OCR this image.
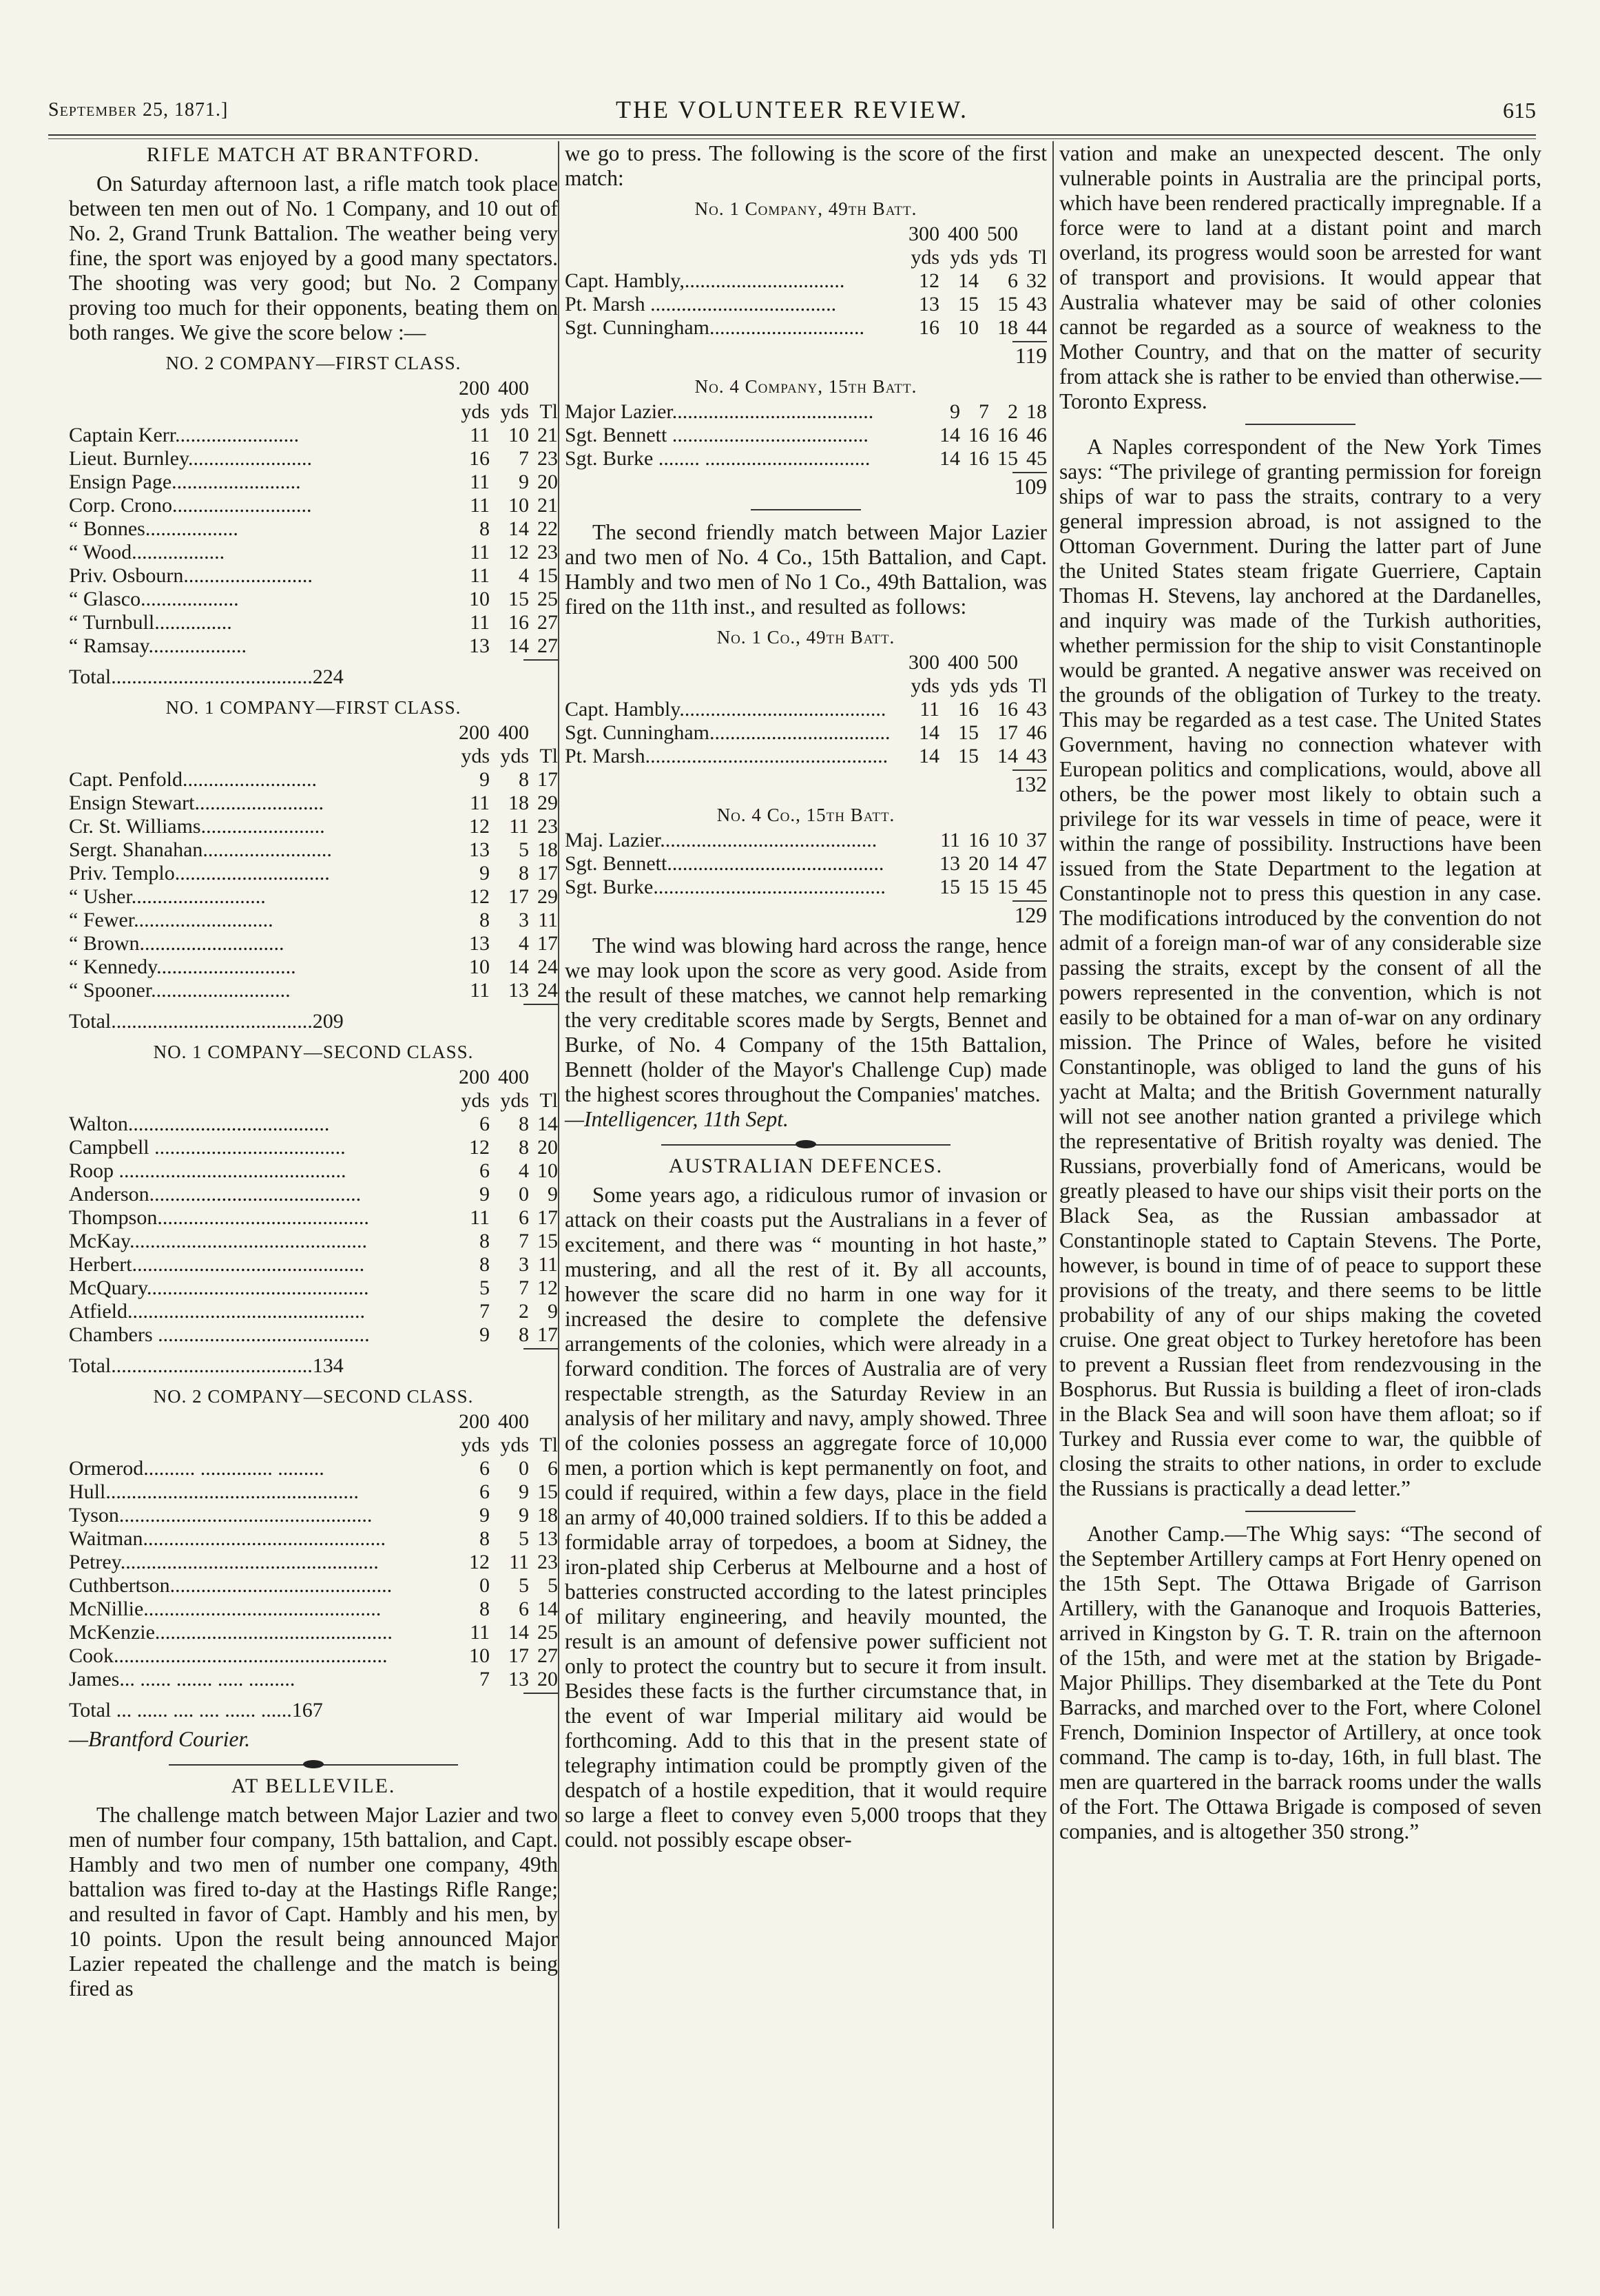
September 25, 1871.]	THE VOLUNTEER REVIEW.	615
RIFLE MATCH AT BRANTFORD.

On Saturday afternoon last, a rifle match took place between ten men out of No. 1 Company, and 10 out of No. 2, Grand Trunk Battalion. The weather being very fine, the sport was enjoyed by a good many spectators. The shooting was very good; but No. 2 Company proving too much for their opponents, beating them on both ranges. We give the score below :—

NO. 2 COMPANY—FIRST CLASS.
	200	400	
	yds	yds	Tl
Captain Kerr........................	11	10	21
Lieut. Burnley........................	16	7	23
Ensign Page.........................	11	9	20
Corp. Crono...........................	11	10	21
“ Bonnes..................	8	14	22
“ Wood..................	11	12	23
Priv. Osbourn.........................	11	4	15
“ Glasco...................	10	15	25
“ Turnbull...............	11	16	27
“ Ramsay...................	13	14	27
Total.......................................224
NO. 1 COMPANY—FIRST CLASS.
	200	400	
	yds	yds	Tl
Capt. Penfold..........................	9	8	17
Ensign Stewart.........................	11	18	29
Cr. St. Williams........................	12	11	23
Sergt. Shanahan.........................	13	5	18
Priv. Templo..............................	9	8	17
“ Usher..........................	12	17	29
“ Fewer...........................	8	3	11
“ Brown............................	13	4	17
“ Kennedy...........................	10	14	24
“ Spooner...........................	11	13	24
Total.......................................209
NO. 1 COMPANY—SECOND CLASS.
	200	400	
	yds	yds	Tl
Walton.......................................	6	8	14
Campbell .....................................	12	8	20
Roop ............................................	6	4	10
Anderson.........................................	9	0	9
Thompson.........................................	11	6	17
McKay..............................................	8	7	15
Herbert.............................................	8	3	11
McQuary...........................................	5	7	12
Atfield..............................................	7	2	9
Chambers .........................................	9	8	17
Total.......................................134
NO. 2 COMPANY—SECOND CLASS.
	200	400	
	yds	yds	Tl
Ormerod.......... .............. .........	6	0	6
Hull.................................................	6	9	15
Tyson.................................................	9	9	18
Waitman...............................................	8	5	13
Petrey..................................................	12	11	23
Cuthbertson...........................................	0	5	5
McNillie..............................................	8	6	14
McKenzie..............................................	11	14	25
Cook.....................................................	10	17	27
James... ...... ....... ..... .........	7	13	20
Total ... ...... .... .... ...... ......167

—Brantford Courier.

AT BELLEVILE.

The challenge match between Major Lazier and two men of number four company, 15th battalion, and Capt. Hambly and two men of number one company, 49th battalion was fired to-day at the Hastings Rifle Range; and resulted in favor of Capt. Hambly and his men, by 10 points. Upon the result being announced Major Lazier repeated the challenge and the match is being fired as

we go to press. The following is the score of the first match:

No. 1 Company, 49th Batt.
	300	400	500	
	yds	yds	yds	Tl
Capt. Hambly,...............................	12	14	6	32
Pt. Marsh ....................................	13	15	15	43
Sgt. Cunningham..............................	16	10	18	44
119
No. 4 Company, 15th Batt.
Major Lazier.......................................	9	7	2	18
Sgt. Bennett ......................................	14	16	16	46
Sgt. Burke ........ ................................	14	16	15	45
109

The second friendly match between Major Lazier and two men of No. 4 Co., 15th Battalion, and Capt. Hambly and two men of No 1 Co., 49th Battalion, was fired on the 11th inst., and resulted as follows:

No. 1 Co., 49th Batt.
	300	400	500	
	yds	yds	yds	Tl
Capt. Hambly........................................	11	16	16	43
Sgt. Cunningham...................................	14	15	17	46
Pt. Marsh...............................................	14	15	14	43
132
No. 4 Co., 15th Batt.
Maj. Lazier..........................................	11	16	10	37
Sgt. Bennett..........................................	13	20	14	47
Sgt. Burke.............................................	15	15	15	45
129

The wind was blowing hard across the range, hence we may look upon the score as very good. Aside from the result of these matches, we cannot help remarking the very creditable scores made by Sergts, Bennet and Burke, of No. 4 Company of the 15th Battalion, Bennett (holder of the Mayor's Challenge Cup) made the highest scores throughout the Companies' matches.

—Intelligencer, 11th Sept.

AUSTRALIAN DEFENCES.

Some years ago, a ridiculous rumor of invasion or attack on their coasts put the Australians in a fever of excitement, and there was “ mounting in hot haste,” mustering, and all the rest of it. By all accounts, however the scare did no harm in one way for it increased the desire to complete the defensive arrangements of the colonies, which were already in a forward condition. The forces of Australia are of very respectable strength, as the Saturday Review in an analysis of her military and navy, amply showed. Three of the colonies possess an aggregate force of 10,000 men, a portion which is kept permanently on foot, and could if required, within a few days, place in the field an army of 40,000 trained soldiers. If to this be added a formidable array of torpedoes, a boom at Sidney, the iron-plated ship Cerberus at Melbourne and a host of batteries constructed according to the latest principles of military engineering, and heavily mounted, the result is an amount of defensive power sufficient not only to protect the country but to secure it from insult. Besides these facts is the further circumstance that, in the event of war Imperial military aid would be forthcoming. Add to this that in the present state of telegraphy intimation could be promptly given of the despatch of a hostile expedition, that it would require so large a fleet to convey even 5,000 troops that they could. not possibly escape obser-

vation and make an unexpected descent. The only vulnerable points in Australia are the principal ports, which have been rendered practically impregnable. If a force were to land at a distant point and march overland, its progress would soon be arrested for want of transport and provisions. It would appear that Australia whatever may be said of other colonies cannot be regarded as a source of weakness to the Mother Country, and that on the matter of security from attack she is rather to be envied than otherwise.—Toronto Express.

A Naples correspondent of the New York Times says: “The privilege of granting permission for foreign ships of war to pass the straits, contrary to a very general impression abroad, is not assigned to the Ottoman Government. During the latter part of June the United States steam frigate Guerriere, Captain Thomas H. Stevens, lay anchored at the Dardanelles, and inquiry was made of the Turkish authorities, whether permission for the ship to visit Constantinople would be granted. A negative answer was received on the grounds of the obligation of Turkey to the treaty. This may be regarded as a test case. The United States Government, having no connection whatever with European politics and complications, would, above all others, be the power most likely to obtain such a privilege for its war vessels in time of peace, were it within the range of possibility. Instructions have been issued from the State Department to the legation at Constantinople not to press this question in any case. The modifications introduced by the convention do not admit of a foreign man-of war of any considerable size passing the straits, except by the consent of all the powers represented in the convention, which is not easily to be obtained for a man of-war on any ordinary mission. The Prince of Wales, before he visited Constantinople, was obliged to land the guns of his yacht at Malta; and the British Government naturally will not see another nation granted a privilege which the representative of British royalty was denied. The Russians, proverbially fond of Americans, would be greatly pleased to have our ships visit their ports on the Black Sea, as the Russian ambassador at Constantinople stated to Captain Stevens. The Porte, however, is bound in time of of peace to support these provisions of the treaty, and there seems to be little probability of any of our ships making the coveted cruise. One great object to Turkey heretofore has been to prevent a Russian fleet from rendezvousing in the Bosphorus. But Russia is building a fleet of iron-clads in the Black Sea and will soon have them afloat; so if Turkey and Russia ever come to war, the quibble of closing the straits to other nations, in order to exclude the Russians is practically a dead letter.”

Another Camp.—The Whig says: “The second of the September Artillery camps at Fort Henry opened on the 15th Sept. The Ottawa Brigade of Garrison Artillery, with the Gananoque and Iroquois Batteries, arrived in Kingston by G. T. R. train on the afternoon of the 15th, and were met at the station by Brigade-Major Phillips. They disembarked at the Tete du Pont Barracks, and marched over to the Fort, where Colonel French, Dominion Inspector of Artillery, at once took command. The camp is to-day, 16th, in full blast. The men are quartered in the barrack rooms under the walls of the Fort. The Ottawa Brigade is composed of seven companies, and is altogether 350 strong.”
